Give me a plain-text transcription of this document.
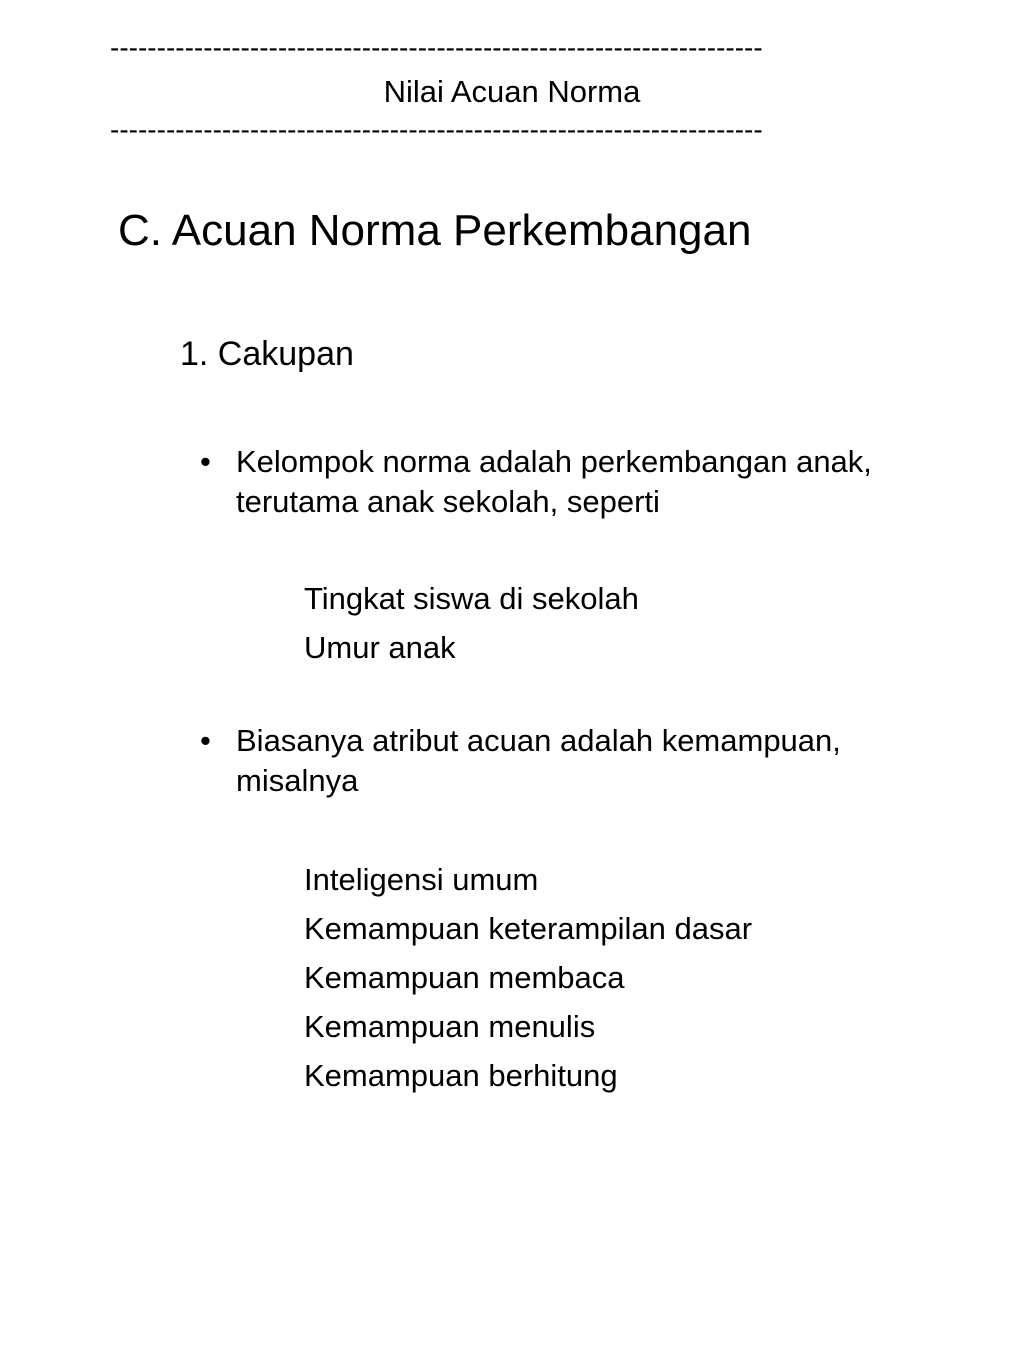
----------------------------------------------------------------------
Nilai Acuan Norma
----------------------------------------------------------------------
C. Acuan Norma Perkembangan
1. Cakupan
• Kelompok norma adalah perkembangan anak,
terutama anak sekolah, seperti
Tingkat siswa di sekolah
Umur anak
• Biasanya atribut acuan adalah kemampuan,
misalnya
Inteligensi umum
Kemampuan keterampilan dasar
Kemampuan membaca
Kemampuan menulis
Kemampuan berhitung
